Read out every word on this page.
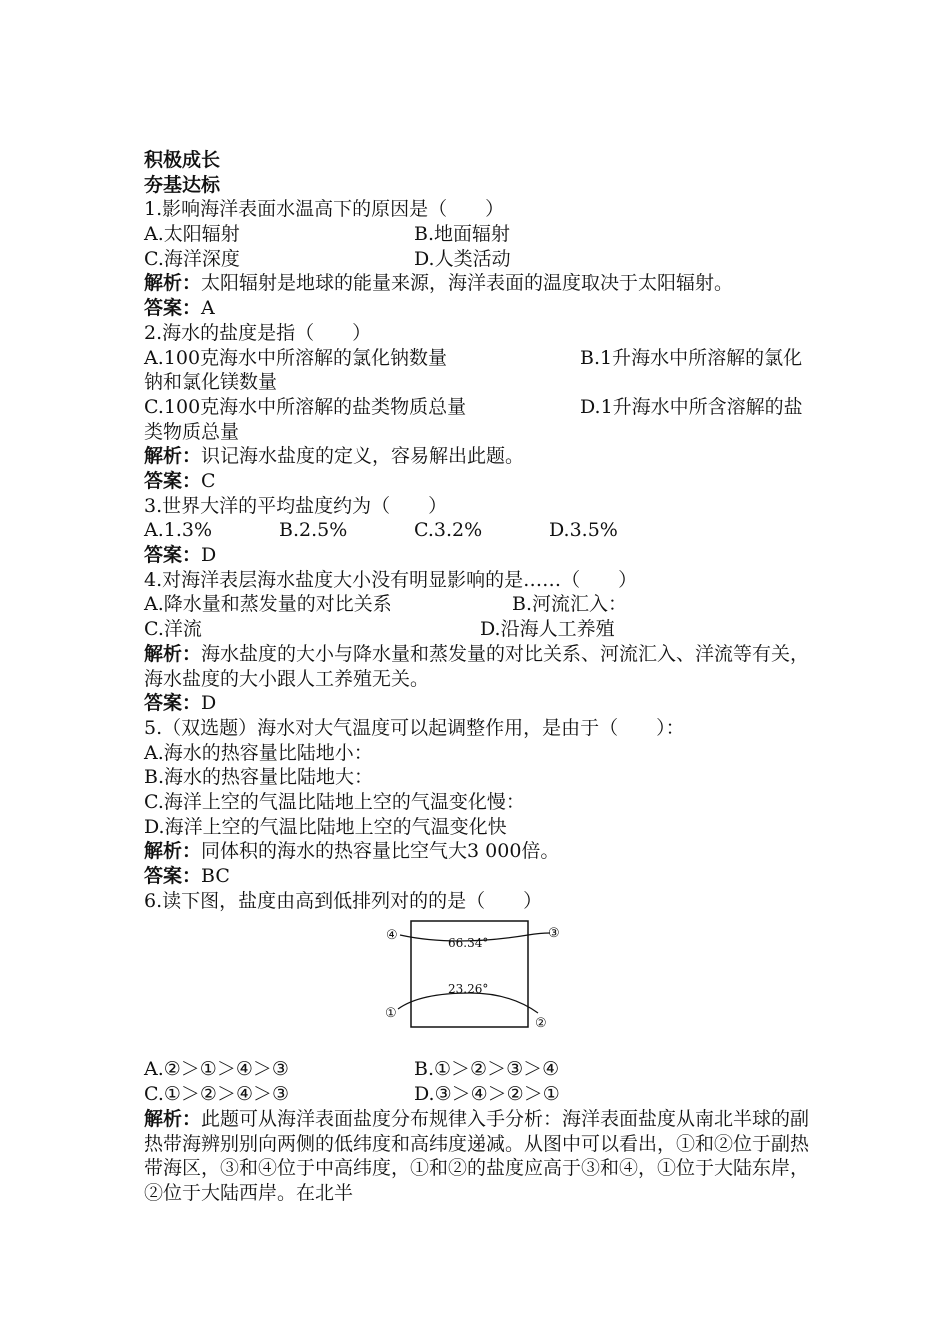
积极成长
夯基达标
1.影响海洋表面水温高下的原因是（　　）
A.太阳辐射	B.地面辐射
C.海洋深度	D.人类活动
解析：太阳辐射是地球的能量来源，海洋表面的温度取决于太阳辐射。
答案：A
2.海水的盐度是指（　　）
A.100克海水中所溶解的氯化钠数量	B.1升海水中所溶解的氯化钠和氯化镁数量
C.100克海水中所溶解的盐类物质总量	D.1升海水中所含溶解的盐类物质总量
解析：识记海水盐度的定义，容易解出此题。
答案：C
3.世界大洋的平均盐度约为（　　）
A.1.3%	B.2.5%	C.3.2%	D.3.5%
答案：D
4.对海洋表层海水盐度大小没有明显影响的是……（　　）
A.降水量和蒸发量的对比关系	B.河流汇入：
C.洋流	D.沿海人工养殖
解析：海水盐度的大小与降水量和蒸发量的对比关系、河流汇入、洋流等有关，海水盐度的大小跟人工养殖无关。
答案：D
5.（双选题）海水对大气温度可以起调整作用，是由于（　　）：
A.海水的热容量比陆地小：
B.海水的热容量比陆地大：
C.海洋上空的气温比陆地上空的气温变化慢：
D.海洋上空的气温比陆地上空的气温变化快
解析：同体积的海水的热容量比空气大3 000倍。
答案：BC
6.读下图，盐度由高到低排列对的的是（　　）
66.34°
23.26°
①
②
③
④
A.②＞①＞④＞③	B.①＞②＞③＞④
C.①＞②＞④＞③	D.③＞④＞②＞①
解析：此题可从海洋表面盐度分布规律入手分析：海洋表面盐度从南北半球的副热带海辨别别向两侧的低纬度和高纬度递减。从图中可以看出，①和②位于副热带海区，③和④位于中高纬度，①和②的盐度应高于③和④，①位于大陆东岸，②位于大陆西岸。在北半
